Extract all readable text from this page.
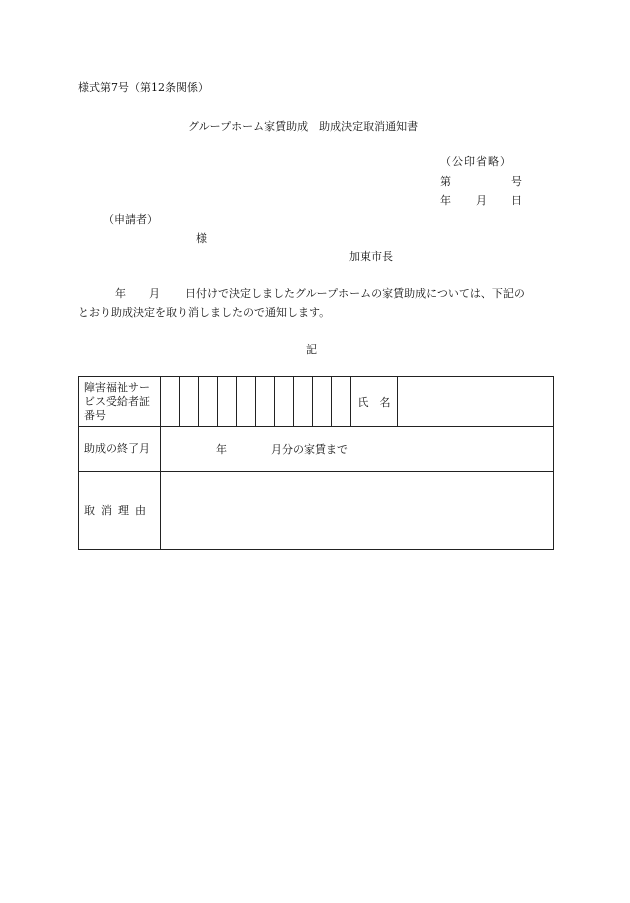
様式第7号（第12条関係）
グループホーム家賃助成　助成決定取消通知書
（公印省略）
第	号
年 月 日
（申請者）
様
加東市長
年 月 日付けで決定しましたグループホームの家賃助成については、下記の
とおり助成決定を取り消しましたので通知します。
記
障害福祉サービス受給者証番号											氏　名	
助成の終了月	年 月分の家賃まで											
取消理由												
